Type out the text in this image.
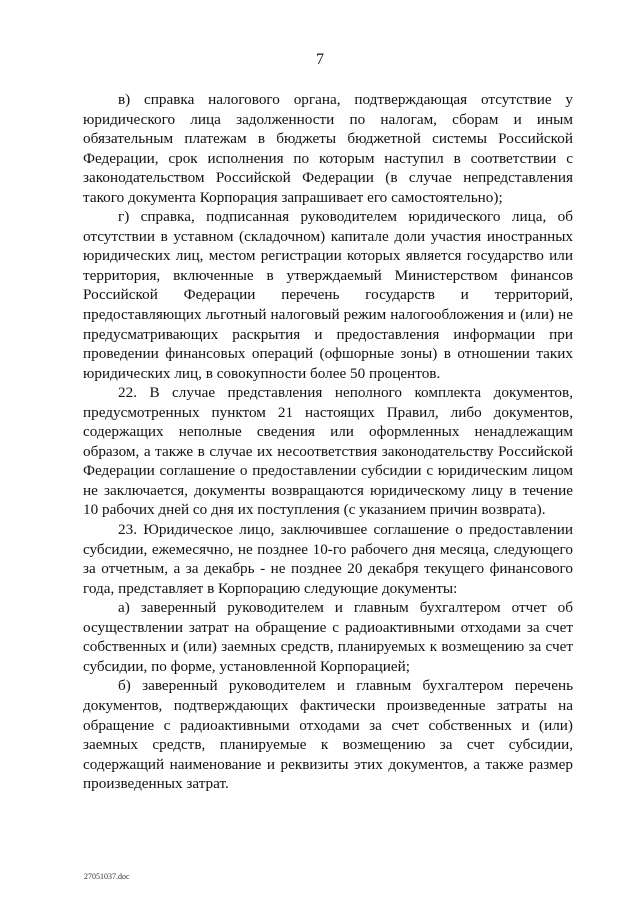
7

в) справка налогового органа, подтверждающая отсутствие у юридического лица задолженности по налогам, сборам и иным обязательным платежам в бюджеты бюджетной системы Российской Федерации, срок исполнения по которым наступил в соответствии с законодательством Российской Федерации (в случае непредставления такого документа Корпорация запрашивает его самостоятельно);

г) справка, подписанная руководителем юридического лица, об отсутствии в уставном (складочном) капитале доли участия иностранных юридических лиц, местом регистрации которых является государство или территория, включенные в утверждаемый Министерством финансов Российской Федерации перечень государств и территорий, предоставляющих льготный налоговый режим налогообложения и (или) не предусматривающих раскрытия и предоставления информации при проведении финансовых операций (офшорные зоны) в отношении таких юридических лиц, в совокупности более 50 процентов.

22. В случае представления неполного комплекта документов, предусмотренных пунктом 21 настоящих Правил, либо документов, содержащих неполные сведения или оформленных ненадлежащим образом, а также в случае их несоответствия законодательству Российской Федерации соглашение о предоставлении субсидии с юридическим лицом не заключается, документы возвращаются юридическому лицу в течение 10 рабочих дней со дня их поступления (с указанием причин возврата).

23. Юридическое лицо, заключившее соглашение о предоставлении субсидии, ежемесячно, не позднее 10-го рабочего дня месяца, следующего за отчетным, а за декабрь - не позднее 20 декабря текущего финансового года, представляет в Корпорацию следующие документы:

а) заверенный руководителем и главным бухгалтером отчет об осуществлении затрат на обращение с радиоактивными отходами за счет собственных и (или) заемных средств, планируемых к возмещению за счет субсидии, по форме, установленной Корпорацией;

б) заверенный руководителем и главным бухгалтером перечень документов, подтверждающих фактически произведенные затраты на обращение с радиоактивными отходами за счет собственных и (или) заемных средств, планируемые к возмещению за счет субсидии, содержащий наименование и реквизиты этих документов, а также размер произведенных затрат.

27051037.doc
